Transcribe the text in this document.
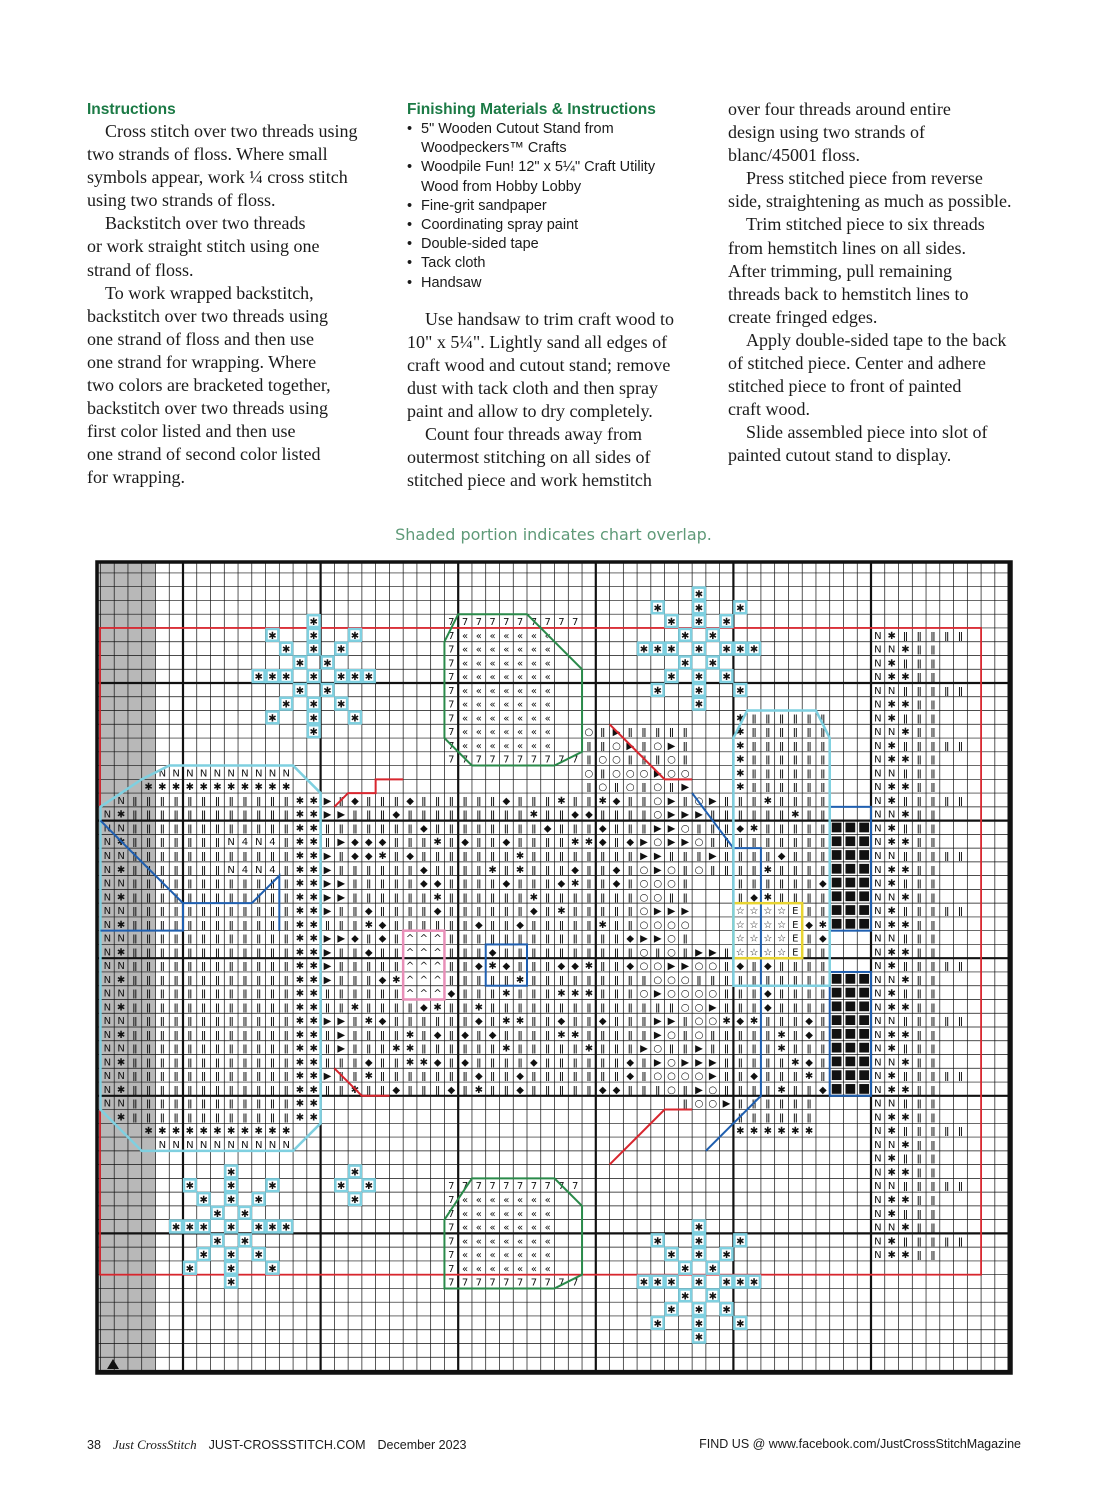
Instructions
Cross stitch over two threads using
two strands of floss. Where small
symbols appear, work ¼ cross stitch
using two strands of floss.
Backstitch over two threads
or work straight stitch using one
strand of floss.
To work wrapped backstitch,
backstitch over two threads using
one strand of floss and then use
one strand for wrapping. Where
two colors are bracketed together,
backstitch over two threads using
first color listed and then use
one strand of second color listed
for wrapping.
Finishing Materials & Instructions
• 5" Wooden Cutout Stand from
Woodpeckers™ Crafts
• Woodpile Fun! 12" x 5¼" Craft Utility
Wood from Hobby Lobby
• Fine-grit sandpaper
• Coordinating spray paint
• Double-sided tape
• Tack cloth
• Handsaw
Use handsaw to trim craft wood to
10" x 5¼". Lightly sand all edges of
craft wood and cutout stand; remove
dust with tack cloth and then spray
paint and allow to dry completely.
Count four threads away from
outermost stitching on all sides of
stitched piece and work hemstitch
over four threads around entire
design using two strands of
blanc/45001 floss.
Press stitched piece from reverse
side, straightening as much as possible.
Trim stitched piece to six threads
from hemstitch lines on all sides.
After trimming, pull remaining
threads back to hemstitch lines to
create fringed edges.
Apply double-sided tape to the back
of stitched piece. Center and adhere
stitched piece to front of painted
craft wood.
Slide assembled piece into slot of
painted cutout stand to display.
Shaded portion indicates chart overlap.
☆ ☆ ☆ ☆ E
☆ ☆ ☆ ☆ E
☆ ☆ ☆ ☆ E
☆ ☆ ☆ ☆ E
^ ^ ^
^ ^ ^
^ ^ ^
^ ^ ^
^ ^ ^
7 7 7 7 7 7 7 7 7 7
7 « « « « « « «
7 « « « « « « «
7 « « « « « « «
7 « « « « « « «
7 « « « « « « «
7 « « « « « « «
7 « « « « « « «
7 « « « « « « «
7 « « « « « « «
7 7 7 7 7 7 7 7 7 7
7 7 7 7 7 7 7 7 7 7
7 « « « « « « «
7 « « « « « « «
7 « « « « « « «
7 « « « « « « «
7 « « « « « « «
7 « « « « « « «
7 7 7 7 7 7 7 7 7 7
✱ ✱
✱ ✱
✱ ✱
✱ ✱
✱ ✱
✱ ✱
✱ ✱
✱ ✱
✱ ✱
✱ ✱
✱ ✱
✱ ✱
✱ ✱
✱ ✱
✱ ✱
✱ ✱
✱ ✱
✱ ✱
✱ ✱
✱ ✱
✱ ✱
✱ ✱
✱ ✱
✱ ✱
N ǁ ǁ ǁ ǁ ǁ ǁ ǁ ǁ ǁ ǁ ǁ ǁ
✱ ǁ ǁ ǁ ǁ ǁ ǁ ǁ ǁ ǁ ǁ ǁ ǁ
N ǁ ǁ ǁ ǁ ǁ ǁ ǁ ǁ ǁ ǁ ǁ ǁ
✱ ǁ ǁ ǁ ǁ ǁ ǁ ǁ N 4 N 4 ǁ
N ǁ ǁ ǁ ǁ ǁ ǁ ǁ ǁ ǁ ǁ ǁ ǁ
✱ ǁ ǁ ǁ ǁ ǁ ǁ ǁ N 4 N 4 ǁ
N ǁ ǁ ǁ ǁ ǁ ǁ ǁ ǁ ǁ ǁ ǁ ǁ
✱ ǁ ǁ ǁ ǁ ǁ ǁ ǁ ǁ ǁ ǁ ǁ ǁ
N ǁ ǁ ǁ ǁ ǁ ǁ ǁ ǁ ǁ ǁ ǁ ǁ
✱ ǁ ǁ ǁ ǁ ǁ ǁ ǁ ǁ ǁ ǁ ǁ ǁ
N ǁ ǁ ǁ ǁ ǁ ǁ ǁ ǁ ǁ ǁ ǁ ǁ
✱ ǁ ǁ ǁ ǁ ǁ ǁ ǁ ǁ ǁ ǁ ǁ ǁ
N ǁ ǁ ǁ ǁ ǁ ǁ ǁ ǁ ǁ ǁ ǁ ǁ
✱ ǁ ǁ ǁ ǁ ǁ ǁ ǁ ǁ ǁ ǁ ǁ ǁ
N ǁ ǁ ǁ ǁ ǁ ǁ ǁ ǁ ǁ ǁ ǁ ǁ
✱ ǁ ǁ ǁ ǁ ǁ ǁ ǁ ǁ ǁ ǁ ǁ ǁ
N ǁ ǁ ǁ ǁ ǁ ǁ ǁ ǁ ǁ ǁ ǁ ǁ
✱ ǁ ǁ ǁ ǁ ǁ ǁ ǁ ǁ ǁ ǁ ǁ ǁ
N ǁ ǁ ǁ ǁ ǁ ǁ ǁ ǁ ǁ ǁ ǁ ǁ
✱ ǁ ǁ ǁ ǁ ǁ ǁ ǁ ǁ ǁ ǁ ǁ ǁ
N ǁ ǁ ǁ ǁ ǁ ǁ ǁ ǁ ǁ ǁ ǁ ǁ
✱ ǁ ǁ ǁ ǁ ǁ ǁ ǁ ǁ ǁ ǁ ǁ ǁ
N ǁ ǁ ǁ ǁ ǁ ǁ ǁ ǁ ǁ ǁ ǁ ǁ
✱ ǁ ǁ ǁ ǁ ǁ ǁ ǁ ǁ ǁ ǁ ǁ ǁ
N
N
N
N
N
N
N
N
N
N
N
N
N
N
N
N
N
N
N
N
N
N
✱ ✱ ✱ ✱ ✱ ✱ ✱ ✱ ✱ ✱ ✱
N N N N N N N N N N
✱ ✱ ✱ ✱ ✱ ✱ ✱ ✱ ✱ ✱ ✱
N N N N N N N N N N
▶ ǁ ◆ ǁ ǁ ǁ ◆ ǁ ǁ ǁ ǁ ǁ ǁ ◆ ǁ ǁ ǁ ✱ ǁ ǁ ✱ ◆ ǁ ǁ ○ ▶ ǁ ○ ▶ ǁ ǁ ǁ ✱ ǁ ǁ ǁ ǁ
▶ ▶ ǁ ǁ ǁ ◆ ǁ ǁ ǁ ǁ ǁ ǁ ǁ ǁ ǁ ✱ ǁ ǁ ◆ ◆ ǁ ǁ ǁ ǁ ○ ▶ ▶ ▶ ǁ ǁ ǁ ǁ ǁ ǁ ✱ ǁ ǁ
ǁ ǁ ǁ ǁ ǁ ǁ ǁ ◆ ǁ ǁ ǁ ǁ ǁ ǁ ǁ ǁ ◆ ǁ ǁ ǁ ◆ ǁ ǁ ǁ ▶ ▶ ○ ǁ ǁ ǁ ◆ ✱ ǁ ǁ ǁ ǁ ǁ
ǁ ▶ ◆ ◆ ◆ ǁ ǁ ǁ ✱ ǁ ◆ ǁ ǁ ◆ ǁ ǁ ǁ ǁ ✱ ✱ ◆ ǁ ◆ ▶ ○ ▶ ▶ ○ ǁ ǁ ǁ ǁ ǁ ǁ ǁ ǁ ǁ
▶ ǁ ◆ ◆ ✱ ǁ ◆ ǁ ǁ ǁ ǁ ǁ ǁ ǁ ✱ ǁ ǁ ǁ ǁ ǁ ǁ ǁ ǁ ▶ ▶ ǁ ǁ ǁ ▶ ǁ ǁ ǁ ǁ ◆ ǁ ǁ ǁ
▶ ǁ ǁ ǁ ǁ ǁ ǁ ◆ ǁ ǁ ǁ ǁ ✱ ǁ ✱ ǁ ǁ ǁ ◆ ǁ ǁ ◆ ǁ ○ ▶ ○ ǁ ○ ǁ ǁ ǁ ǁ ✱ ǁ ǁ ǁ ǁ
▶ ▶ ǁ ǁ ǁ ǁ ǁ ◆ ◆ ǁ ǁ ǁ ǁ ◆ ǁ ǁ ǁ ◆ ✱ ǁ ǁ ◆ ǁ ○ ○ ○ ǁ	ǁ ǁ ǁ ǁ ǁ ǁ ◆
▶ ▶ ǁ ǁ ǁ ǁ ǁ ǁ ✱ ǁ ǁ ǁ ǁ ǁ ǁ ✱ ǁ ǁ ǁ ǁ ǁ ǁ ǁ ○ ○ ǁ ǁ	ǁ ◆ ✱ ǁ ǁ ǁ ǁ
▶ ǁ ǁ ◆ ǁ ǁ ǁ ǁ ◆ ǁ ǁ ǁ ǁ ǁ ǁ ◆ ǁ ✱ ǁ ǁ ǁ ǁ ǁ ○ ▶ ▶ ▶	ǁ ǁ
ǁ ǁ ǁ ✱ ◆ ǁ ǁ ǁ ǁ ǁ ǁ ◆ ǁ ǁ ◆ ǁ ǁ ǁ ǁ ǁ ✱ ǁ ǁ ○ ○ ○ ○	◆ ✱
▶ ▶ ◆ ǁ ◆ ǁ	ǁ ǁ ǁ ǁ ǁ ǁ ǁ ǁ ǁ ǁ ǁ ǁ ǁ ◆ ▶ ▶ ○ ǁ	ǁ ◆
▶ ǁ ǁ ◆ ǁ ǁ	ǁ ǁ ǁ ◆ ǁ ǁ ǁ ǁ ǁ ǁ ǁ ǁ ǁ ǁ ○ ǁ ○ ǁ ▶ ▶ ǁ	ǁ ǁ
▶ ǁ ǁ ǁ ǁ ǁ	ǁ ǁ ◆ ✱ ◆ ǁ ǁ ǁ ◆ ◆ ✱ ǁ ǁ ◆ ○ ○ ▶ ▶ ○ ○ ǁ ◆ ǁ ◆ ǁ ǁ ǁ ǁ
▶ ǁ ǁ ǁ ◆ ✱	ǁ ǁ ǁ ǁ ǁ ✱ ǁ ǁ ǁ ǁ ǁ ǁ ǁ ǁ ǁ ○ ○ ○ ǁ ǁ ǁ ǁ ǁ ǁ ǁ ǁ ǁ ǁ
ǁ ǁ ǁ ǁ ǁ ǁ	◆ ǁ ǁ ǁ ✱ ǁ ǁ ǁ ✱ ✱ ✱ ǁ ǁ ǁ ○ ▶ ○ ○ ○ ○ ǁ ǁ ǁ ◆ ǁ ǁ ǁ ǁ
ǁ ǁ ✱ ǁ ǁ ǁ ǁ ◆ ✱ ǁ ǁ ✱ ǁ ǁ ǁ ǁ ǁ ǁ ǁ ǁ ǁ ǁ ǁ ǁ ǁ ǁ ○ ○ ▶ ǁ ǁ ǁ ◆ ǁ ǁ ǁ ǁ
▶ ▶ ǁ ✱ ◆ ǁ ǁ ǁ ǁ ǁ ǁ ◆ ǁ ✱ ✱ ǁ ǁ ◆ ǁ ǁ ◆ ǁ ǁ ǁ ▶ ▶ ǁ ○ ○ ✱ ◆ ✱ ǁ ǁ ǁ ◆ ǁ
ǁ ▶ ǁ ǁ ǁ ǁ ✱ ǁ ◆ ǁ ◆ ǁ ◆ ǁ ǁ ǁ ǁ ✱ ✱ ǁ ǁ ǁ ǁ ǁ ▶ ○ ǁ ○ ǁ ǁ ǁ ǁ ǁ ✱ ǁ ◆ ǁ
ǁ ▶ ǁ ǁ ǁ ✱ ✱ ǁ ǁ ǁ ǁ ǁ ǁ ✱ ǁ ǁ ǁ ǁ ǁ ✱ ǁ ǁ ǁ ▶ ○ ǁ ǁ ▶ ǁ ǁ ǁ ǁ ǁ ✱ ǁ ǁ ǁ
ǁ ǁ ǁ ◆ ǁ ǁ ✱ ✱ ◆ ǁ ◆ ǁ ǁ ǁ ǁ ◆ ǁ ǁ ǁ ǁ ǁ ǁ ◆ ǁ ▶ ○ ▶ ▶ ▶ ǁ ǁ ǁ ǁ ǁ ✱ ◆ ǁ
▶ ǁ ǁ ✱ ǁ ǁ ǁ ǁ ǁ ǁ ǁ ◆ ǁ ǁ ◆ ǁ ǁ ǁ ǁ ǁ ǁ ǁ ◆ ǁ ○ ○ ○ ○ ▶ ǁ ǁ ◆ ǁ ǁ ǁ ✱ ǁ
ǁ ǁ ✱ ǁ ǁ ◆ ǁ ǁ ǁ ◆ ǁ ✱ ǁ ǁ ◆ ǁ ǁ ǁ ǁ ǁ ◆ ◆ ǁ ǁ ǁ ○ ǁ ▶ ○ ǁ ǁ ǁ ǁ ✱ ǁ ǁ ◆
○ ǁ ▶ ǁ ǁ ǁ ǁ ǁ
ǁ ǁ ○ ▶ ǁ ○ ▶ ǁ
ǁ ○ ○ ǁ ǁ ǁ ○ ǁ
○ ǁ ○ ○ ○ ▶ ○ ○
ǁ ○ ǁ ○ ǁ ○ ǁ ▶
✱ ǁ ǁ ǁ ǁ ǁ ǁ
✱ ǁ ǁ ǁ ǁ ǁ ǁ
✱ ǁ ǁ ǁ ǁ ǁ ǁ
✱ ǁ ǁ ǁ ǁ ǁ ǁ
✱ ǁ ǁ ǁ ǁ ǁ ǁ
✱ ǁ ǁ ǁ ǁ ǁ ǁ
ǁ ○ ○ ▶ ǁ ǁ ǁ ǁ ǁ ǁ
ǁ ǁ ǁ ǁ ǁ ǁ
✱ ✱ ✱ ✱ ✱ ✱
N ✱ ǁ ǁ ǁ ǁ ǁ
N N ✱ ǁ ǁ
N ✱ ǁ ǁ ǁ
N ✱ ✱ ǁ ǁ
N N ǁ ǁ ǁ ǁ ǁ
N ✱ ✱ ǁ ǁ
N ✱ ǁ ǁ ǁ
N N ✱ ǁ ǁ
N ✱ ǁ ǁ ǁ ǁ ǁ
N ✱ ✱ ǁ ǁ
N N ǁ ǁ ǁ
N ✱ ✱ ǁ ǁ
N ✱ ǁ ǁ ǁ ǁ ǁ
N N ✱ ǁ ǁ
N ✱ ǁ ǁ ǁ
N ✱ ✱ ǁ ǁ
N N ǁ ǁ ǁ ǁ ǁ
N ✱ ✱ ǁ ǁ
N ✱ ǁ ǁ ǁ
N N ✱ ǁ ǁ
N ✱ ǁ ǁ ǁ ǁ ǁ
N ✱ ✱ ǁ ǁ
N N ǁ ǁ ǁ
N ✱ ✱ ǁ ǁ
N ✱ ǁ ǁ ǁ ǁ ǁ
N N ✱ ǁ ǁ
N ✱ ǁ ǁ ǁ
N ✱ ✱ ǁ ǁ
N N ǁ ǁ ǁ ǁ ǁ
N ✱ ✱ ǁ ǁ
N ✱ ǁ ǁ ǁ
N N ✱ ǁ ǁ
N ✱ ǁ ǁ ǁ ǁ ǁ
N ✱ ✱ ǁ ǁ
N N ǁ ǁ ǁ
N ✱ ✱ ǁ ǁ
N ✱ ǁ ǁ ǁ ǁ ǁ
N N ✱ ǁ ǁ
N ✱ ǁ ǁ ǁ
N ✱ ✱ ǁ ǁ
N N ǁ ǁ ǁ ǁ ǁ
N ✱ ✱ ǁ ǁ
N ✱ ǁ ǁ ǁ
N N ✱ ǁ ǁ
N ✱ ǁ ǁ ǁ ǁ ǁ
N ✱ ✱ ǁ ǁ
✱
✱	✱	✱
✱ ✱ ✱
✱ ✱
✱ ✱ ✱ ✱ ✱ ✱ ✱
✱ ✱
✱ ✱ ✱
✱	✱	✱
✱
✱
✱	✱	✱
✱ ✱ ✱
✱ ✱
✱ ✱ ✱ ✱ ✱ ✱ ✱
✱ ✱
✱ ✱ ✱
✱	✱	✱
✱
✱
✱	✱	✱
✱ ✱ ✱
✱ ✱
✱ ✱ ✱ ✱ ✱ ✱ ✱
✱ ✱
✱ ✱ ✱
✱	✱	✱
✱
✱
✱	✱	✱
✱ ✱ ✱
✱ ✱
✱ ✱ ✱ ✱ ✱ ✱ ✱
✱ ✱
✱ ✱ ✱
✱	✱	✱
✱
✱
✱ ✱
✱
38 Just CrossStitch JUST-CROSSSTITCH.COM December 2023	FIND US @ www.facebook.com/JustCrossStitchMagazine
